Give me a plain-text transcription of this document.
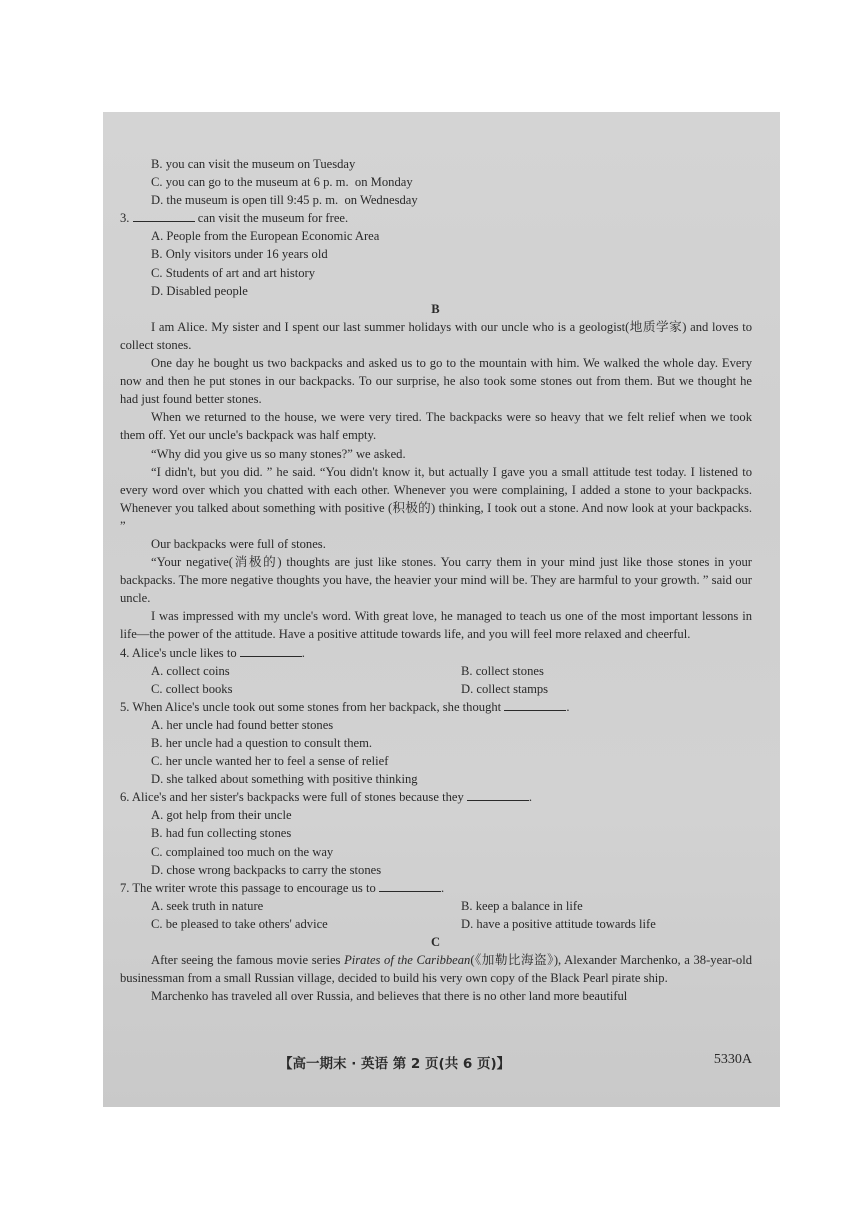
B. you can visit the museum on Tuesday
C. you can go to the museum at 6 p. m.  on Monday
D. the museum is open till 9:45 p. m.  on Wednesday
3.	can visit the museum for free.
A. People from the European Economic Area
B. Only visitors under 16 years old
C. Students of art and art history
D. Disabled people
B
I am Alice. My sister and I spent our last summer holidays with our uncle who is a geologist(地质学家) and loves to collect stones.
One day he bought us two backpacks and asked us to go to the mountain with him. We walked the whole day. Every now and then he put stones in our backpacks. To our surprise, he also took some stones out from them. But we thought he had just found better stones.
When we returned to the house, we were very tired. The backpacks were so heavy that we felt relief when we took them off. Yet our uncle's backpack was half empty.
“Why did you give us so many stones?” we asked.
“I didn't, but you did. ” he said. “You didn't know it, but actually I gave you a small attitude test today. I listened to every word over which you chatted with each other. Whenever you were complaining, I added a stone to your backpacks. Whenever you talked about something with positive (积极的) thinking, I took out a stone. And now look at your backpacks. ”
Our backpacks were full of stones.
“Your negative(消极的) thoughts are just like stones. You carry them in your mind just like those stones in your backpacks. The more negative thoughts you have, the heavier your mind will be. They are harmful to your growth. ” said our uncle.
I was impressed with my uncle's word. With great love, he managed to teach us one of the most important lessons in life—the power of the attitude. Have a positive attitude towards life, and you will feel more relaxed and cheerful.
4. Alice's uncle likes to	.
A. collect coins	B. collect stones
C. collect books	D. collect stamps
5. When Alice's uncle took out some stones from her backpack, she thought	.
A. her uncle had found better stones
B. her uncle had a question to consult them.
C. her uncle wanted her to feel a sense of relief
D. she talked about something with positive thinking
6. Alice's and her sister's backpacks were full of stones because they	.
A. got help from their uncle
B. had fun collecting stones
C. complained too much on the way
D. chose wrong backpacks to carry the stones
7. The writer wrote this passage to encourage us to	.
A. seek truth in nature	B. keep a balance in life
C. be pleased to take others' advice	D. have a positive attitude towards life
C
After seeing the famous movie series Pirates of the Caribbean(《加勒比海盗》), Alexander Marchenko, a 38-year-old businessman from a small Russian village, decided to build his very own copy of the Black Pearl pirate ship.
Marchenko has traveled all over Russia, and believes that there is no other land more beautiful
【高一期末 · 英语 第 2 页(共 6 页)】	5330A
